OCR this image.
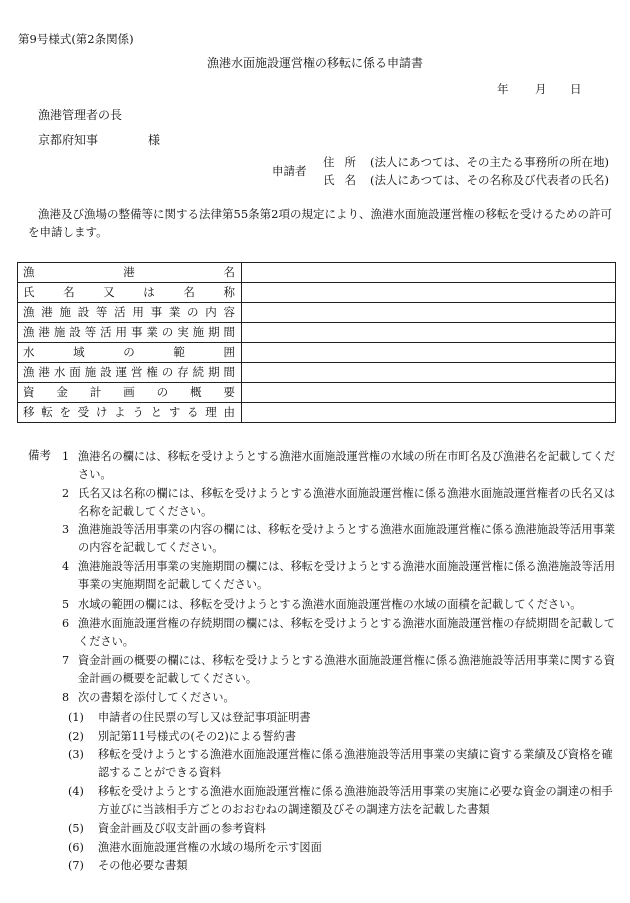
第9号様式(第2条関係)
漁港水面施設運営権の移転に係る申請書
年 月 日
漁港管理者の長
京都府知事	様
申請者
住所 (法人にあつては、その主たる事務所の所在地)
氏名 (法人にあつては、その名称及び代表者の氏名)
漁港及び漁場の整備等に関する法律第55条第2項の規定により、漁港水面施設運営権の移転を受けるための許可を申請します。
漁港名	
氏名又は名称	
漁港施設等活用事業の内容	
漁港施設等活用事業の実施期間	
水域の範囲	
漁港水面施設運営権の存続期間	
資金計画の概要	
移転を受けようとする理由	
備考 1 漁港名の欄には、移転を受けようとする漁港水面施設運営権の水域の所在市町名及び漁港名を記載してください。
2 氏名又は名称の欄には、移転を受けようとする漁港水面施設運営権に係る漁港水面施設運営権者の氏名又は名称を記載してください。
3 漁港施設等活用事業の内容の欄には、移転を受けようとする漁港水面施設運営権に係る漁港施設等活用事業の内容を記載してください。
4 漁港施設等活用事業の実施期間の欄には、移転を受けようとする漁港水面施設運営権に係る漁港施設等活用事業の実施期間を記載してください。
5 水域の範囲の欄には、移転を受けようとする漁港水面施設運営権の水域の面積を記載してください。
6 漁港水面施設運営権の存続期間の欄には、移転を受けようとする漁港水面施設運営権の存続期間を記載してください。
7 資金計画の概要の欄には、移転を受けようとする漁港水面施設運営権に係る漁港施設等活用事業に関する資金計画の概要を記載してください。
8 次の書類を添付してください。
(1) 申請者の住民票の写し又は登記事項証明書
(2) 別記第11号様式の(その2)による誓約書
(3) 移転を受けようとする漁港水面施設運営権に係る漁港施設等活用事業の実績に資する業績及び資格を確認することができる資料
(4) 移転を受けようとする漁港水面施設運営権に係る漁港施設等活用事業の実施に必要な資金の調達の相手方並びに当該相手方ごとのおおむねの調達額及びその調達方法を記載した書類
(5) 資金計画及び収支計画の参考資料
(6) 漁港水面施設運営権の水域の場所を示す図面
(7) その他必要な書類
